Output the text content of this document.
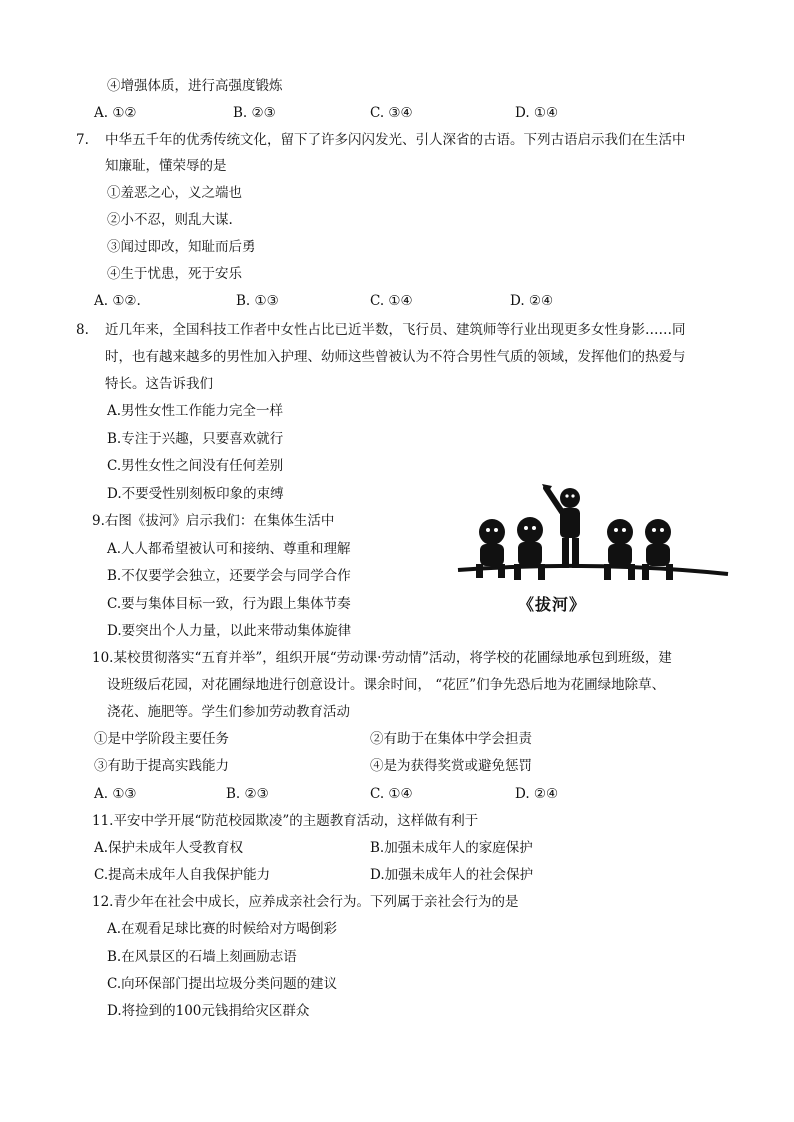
④增强体质，进行高强度锻炼
A. ①②	B. ②③	C. ③④	D. ①④
7. 中华五千年的优秀传统文化，留下了许多闪闪发光、引人深省的古语。下列古语启示我们在生活中
知廉耻，懂荣辱的是
①羞恶之心，义之端也
②小不忍，则乱大谋.
③闻过即改，知耻而后勇
④生于忧患，死于安乐
A. ①②.	B. ①③	C. ①④	D. ②④
8. 近几年来，全国科技工作者中女性占比已近半数，飞行员、建筑师等行业出现更多女性身影……同
时，也有越来越多的男性加入护理、幼师这些曾被认为不符合男性气质的领域，发挥他们的热爱与
特长。这告诉我们
A.男性女性工作能力完全一样
B.专注于兴趣，只要喜欢就行
C.男性女性之间没有任何差别
D.不要受性别刻板印象的束缚
9.右图《拔河》启示我们：在集体生活中
A.人人都希望被认可和接纳、尊重和理解
B.不仅要学会独立，还要学会与同学合作
C.要与集体目标一致，行为跟上集体节奏
D.要突出个人力量，以此来带动集体旋律
《拔河》
10.某校贯彻落实“五育并举”，组织开展“劳动课·劳动情”活动，将学校的花圃绿地承包到班级，建
设班级后花园，对花圃绿地进行创意设计。课余时间， “花匠”们争先恐后地为花圃绿地除草、
浇花、施肥等。学生们参加劳动教育活动
①是中学阶段主要任务	②有助于在集体中学会担责
③有助于提高实践能力	④是为获得奖赏或避免惩罚
A. ①③	B. ②③	C. ①④	D. ②④
11.平安中学开展“防范校园欺凌”的主题教育活动，这样做有利于
A.保护未成年人受教育权	B.加强未成年人的家庭保护
C.提高未成年人自我保护能力	D.加强未成年人的社会保护
12.青少年在社会中成长，应养成亲社会行为。下列属于亲社会行为的是
A.在观看足球比赛的时候给对方喝倒彩
B.在风景区的石墙上刻画励志语
C.向环保部门提出垃圾分类问题的建议
D.将捡到的100元钱捐给灾区群众
